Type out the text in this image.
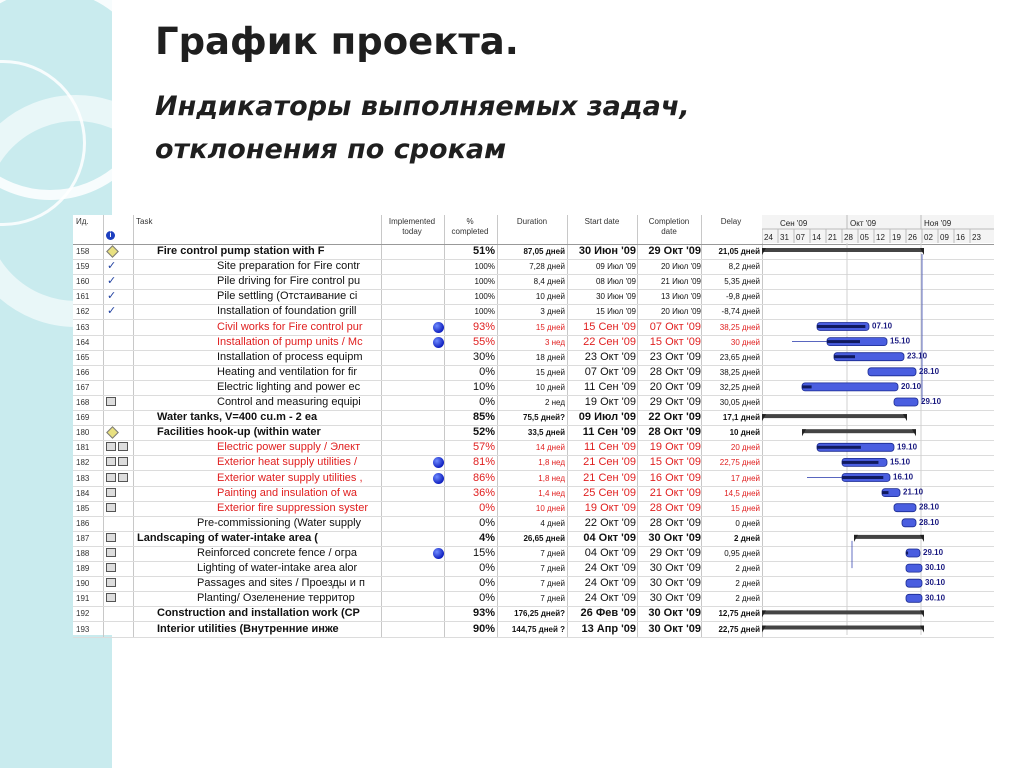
График проекта.
Индикаторы выполняемых задач,
отклонения по срокам
Ид.
i
Task	Implemented
today
%
completed
Duration	Start date	Completion
date
Delay
158	Fire control pump station with F	51%	87,05 дней	30 Июн '09	29 Окт '09	21,05 дней
159	✓	Site preparation for Fire contr	100%	7,28 дней	09 Июл '09	20 Июл '09	8,2 дней
160	✓	Pile driving for Fire control pu	100%	8,4 дней	08 Июл '09	21 Июл '09	5,35 дней
161	✓	Pile settling (Отстаивание сі	100%	10 дней	30 Июн '09	13 Июл '09	-9,8 дней
162	✓	Installation of foundation grill	100%	3 дней	15 Июл '09	20 Июл '09	-8,74 дней
163	Civil works for Fire control pur	93%	15 дней	15 Сен '09	07 Окт '09	38,25 дней
164	Installation of pump units / Мс	55%	3 нед	22 Сен '09	15 Окт '09	30 дней
165	Installation of process equipm	30%	18 дней	23 Окт '09	23 Окт '09	23,65 дней
166	Heating and ventilation for fir	0%	15 дней	07 Окт '09	28 Окт '09	38,25 дней
167	Electric lighting and power ec	10%	10 дней	11 Сен '09	20 Окт '09	32,25 дней
168	Control and measuring equipi	0%	2 нед	19 Окт '09	29 Окт '09	30,05 дней
169	Water tanks, V=400 cu.m - 2 ea	85%	75,5 дней?	09 Июл '09	22 Окт '09	17,1 дней
180	Facilities hook-up (within water	52%	33,5 дней	11 Сен '09	28 Окт '09	10 дней
181	Electric power supply / Элект	57%	14 дней	11 Сен '09	19 Окт '09	20 дней
182	Exterior heat supply utilities /	81%	1,8 нед	21 Сен '09	15 Окт '09	22,75 дней
183	Exterior water supply utilities ,	86%	1,8 нед	21 Сен '09	16 Окт '09	17 дней
184	Painting and insulation of wa	36%	1,4 нед	25 Сен '09	21 Окт '09	14,5 дней
185	Exterior fire suppression syster	0%	10 дней	19 Окт '09	28 Окт '09	15 дней
186	Pre-commissioning (Water supply	0%	4 дней	22 Окт '09	28 Окт '09	0 дней
187	Landscaping of water-intake area (	4%	26,65 дней	04 Окт '09	30 Окт '09	2 дней
188	Reinforced concrete fence / огра	15%	7 дней	04 Окт '09	29 Окт '09	0,95 дней
189	Lighting of water-intake area alor	0%	7 дней	24 Окт '09	30 Окт '09	2 дней
190	Passages and sites / Проезды и п	0%	7 дней	24 Окт '09	30 Окт '09	2 дней
191	Planting/ Озеленение территор	0%	7 дней	24 Окт '09	30 Окт '09	2 дней
192	Construction and installation work (CP	93%	176,25 дней?	26 Фев '09	30 Окт '09	12,75 дней
193	Interior utilities (Внутренние инже	90%	144,75 дней ?	13 Апр '09	30 Окт '09	22,75 дней
Сен '09	Окт '09	Ноя '09
24 31 07 14 21 28 05 12 19 26 02 09 16 23
07.10
15.10
23.10
28.10
20.10
29.10
19.10
15.10
16.10
21.10
28.10
28.10
29.10
30.10
30.10
30.10
